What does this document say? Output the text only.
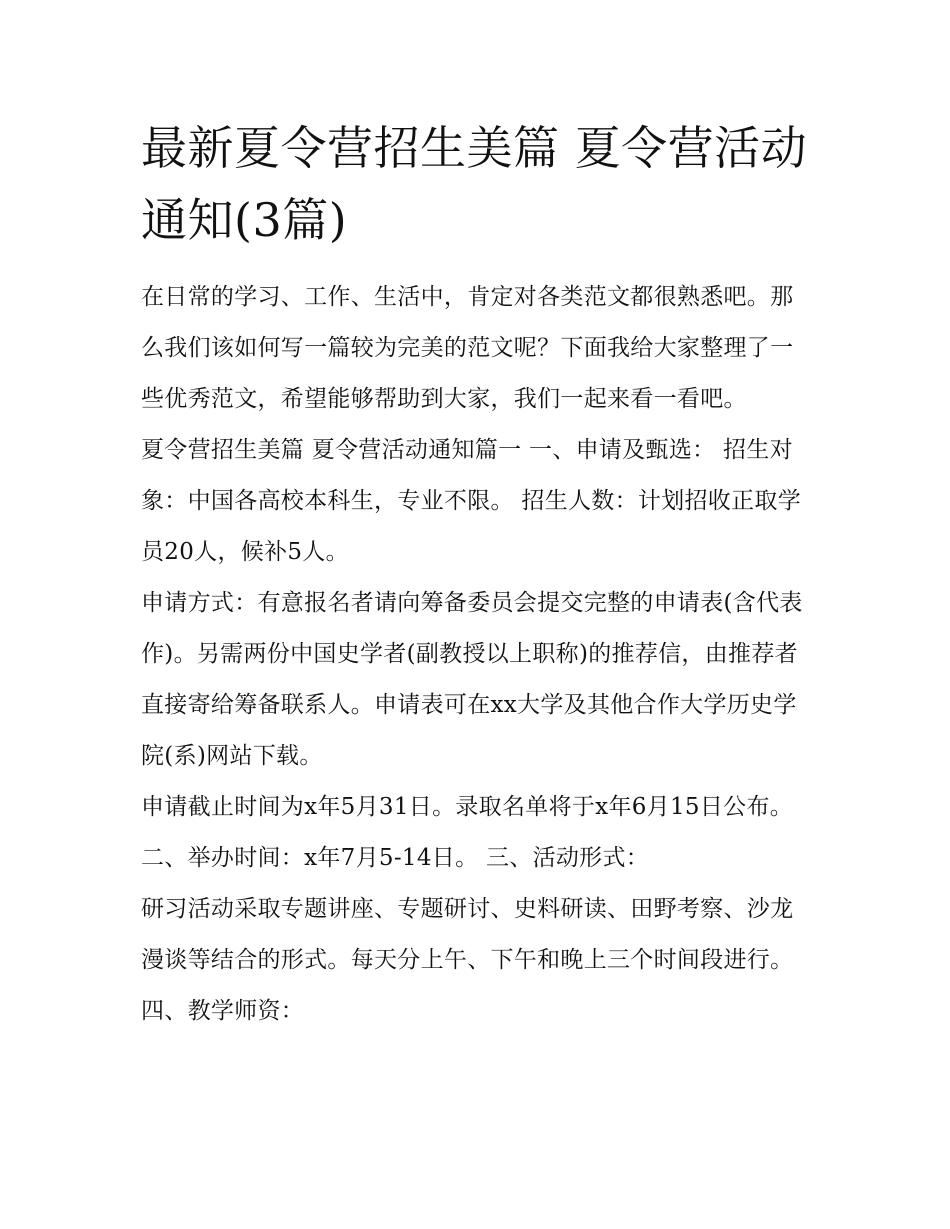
最新夏令营招生美篇 夏令营活动通知(3篇)

在日常的学习、工作、生活中，肯定对各类范文都很熟悉吧。那么我们该如何写一篇较为完美的范文呢？下面我给大家整理了一些优秀范文，希望能够帮助到大家，我们一起来看一看吧。

夏令营招生美篇 夏令营活动通知篇一 一、申请及甄选： 招生对象：中国各高校本科生，专业不限。 招生人数：计划招收正取学员20人，候补5人。

申请方式：有意报名者请向筹备委员会提交完整的申请表(含代表作)。另需两份中国史学者(副教授以上职称)的推荐信，由推荐者直接寄给筹备联系人。申请表可在xx大学及其他合作大学历史学院(系)网站下载。

申请截止时间为x年5月31日。录取名单将于x年6月15日公布。 二、举办时间：x年7月5-14日。 三、活动形式：

研习活动采取专题讲座、专题研讨、史料研读、田野考察、沙龙漫谈等结合的形式。每天分上午、下午和晚上三个时间段进行。 四、教学师资：
